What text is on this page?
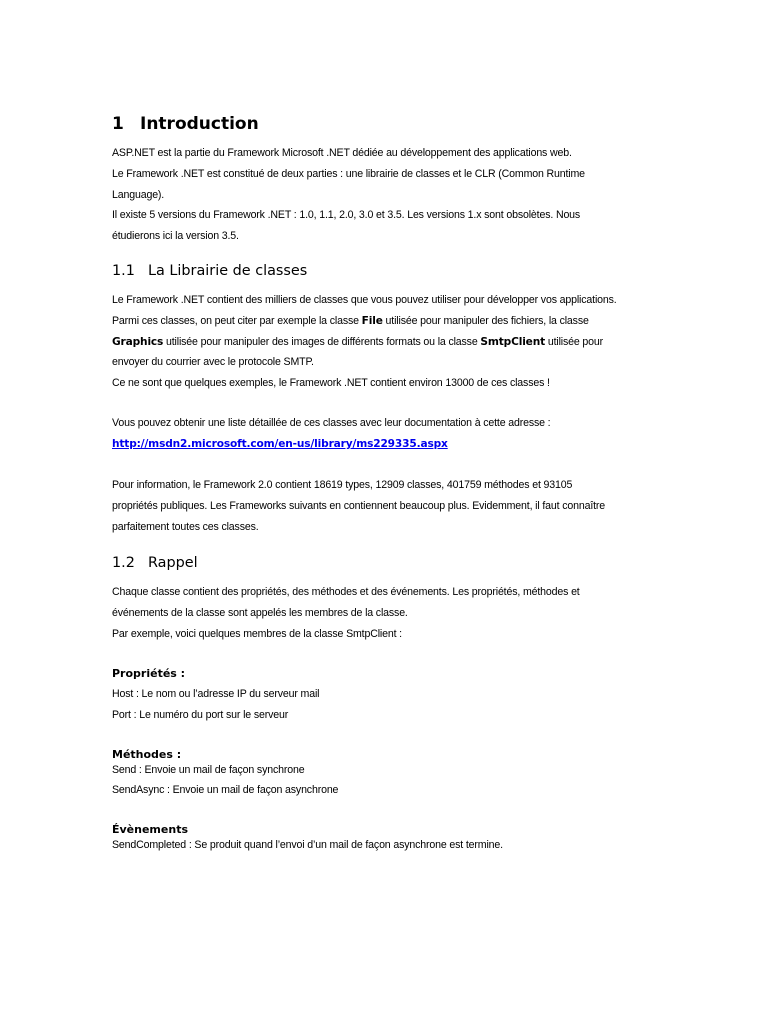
1 Introduction

ASP.NET est la partie du Framework Microsoft .NET dédiée au développement des applications web.

Le Framework .NET est constitué de deux parties : une librairie de classes et le CLR (Common Runtime

Language).

Il existe 5 versions du Framework .NET : 1.0, 1.1, 2.0, 3.0 et 3.5. Les versions 1.x sont obsolètes. Nous

étudierons ici la version 3.5.

1.1 La Librairie de classes

Le Framework .NET contient des milliers de classes que vous pouvez utiliser pour développer vos applications.

Parmi ces classes, on peut citer par exemple la classe File utilisée pour manipuler des fichiers, la classe

Graphics utilisée pour manipuler des images de différents formats ou la classe SmtpClient utilisée pour

envoyer du courrier avec le protocole SMTP.

Ce ne sont que quelques exemples, le Framework .NET contient environ 13000 de ces classes !

Vous pouvez obtenir une liste détaillée de ces classes avec leur documentation à cette adresse :

http://msdn2.microsoft.com/en-us/library/ms229335.aspx

Pour information, le Framework 2.0 contient 18619 types, 12909 classes, 401759 méthodes et 93105

propriétés publiques. Les Frameworks suivants en contiennent beaucoup plus. Evidemment, il faut connaître

parfaitement toutes ces classes.

1.2 Rappel

Chaque classe contient des propriétés, des méthodes et des événements. Les propriétés, méthodes et

événements de la classe sont appelés les membres de la classe.

Par exemple, voici quelques membres de la classe SmtpClient :

Propriétés :

Host : Le nom ou l’adresse IP du serveur mail

Port : Le numéro du port sur le serveur

Méthodes :

Send : Envoie un mail de façon synchrone

SendAsync : Envoie un mail de façon asynchrone

Évènements

SendCompleted : Se produit quand l’envoi d’un mail de façon asynchrone est termine.
